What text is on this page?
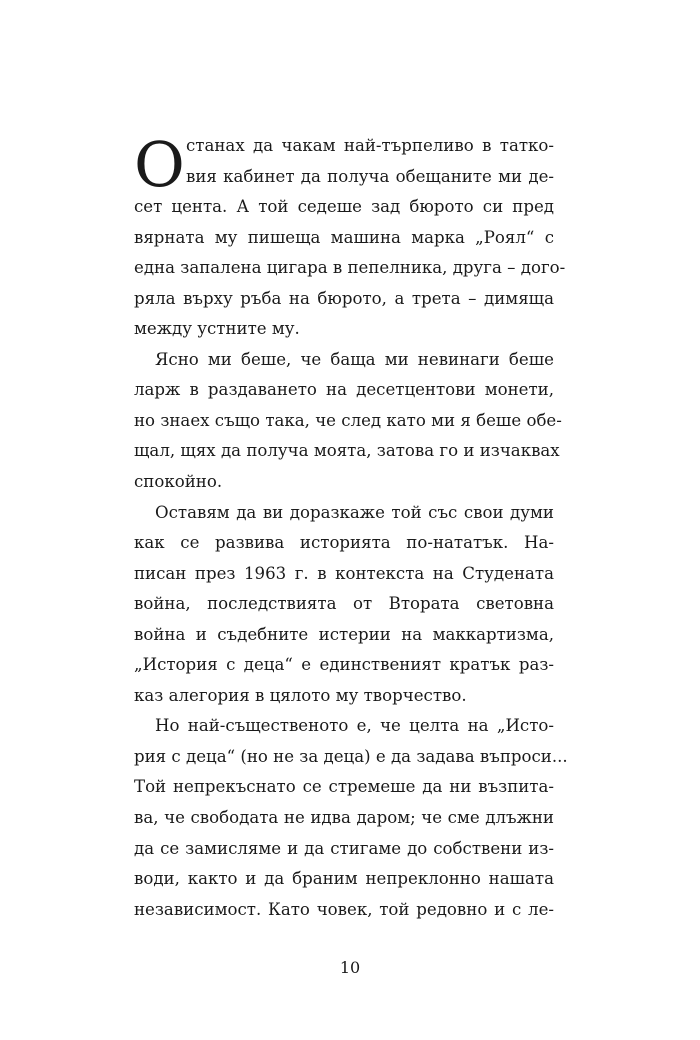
О станах да чакам най-търпеливо в татко-
вия кабинет да получа обещаните ми де-
сет цента. А той седеше зад бюрото си пред
вярнатa му пишеща машина марка „Роял“ с
една запалена цигара в пепелника, друга – дого-
ряла върху ръба на бюрото, а трета – димяща
между устните му.
Ясно ми беше, че баща ми невинаги беше
ларж в раздаването на десетцентови монети,
но знаех също така, че след като ми я беше обе-
щал, щях да получа моята, затова го и изчаквах
спокойно.
Оставям да ви доразкаже той със свои думи
как се развива историята по-нататък. На-
писан през 1963 г. в контекста на Студената
война, последствията от Втората световна
война и съдебните истерии на маккартизма,
„История с деца“ е единственият кратък раз-
каз алегория в цялото му творчество.
Но най-същественото е, че целта на „Исто-
рия с деца“ (но не за деца) е да задава въпроси...
Той непрекъснато се стремеше да ни възпита-
ва, че свободата не идва даром; че сме длъжни
да се замисляме и да стигаме до собствени из-
води, както и да браним непреклонно нашата
независимост. Като човек, той редовно и с ле-
10
